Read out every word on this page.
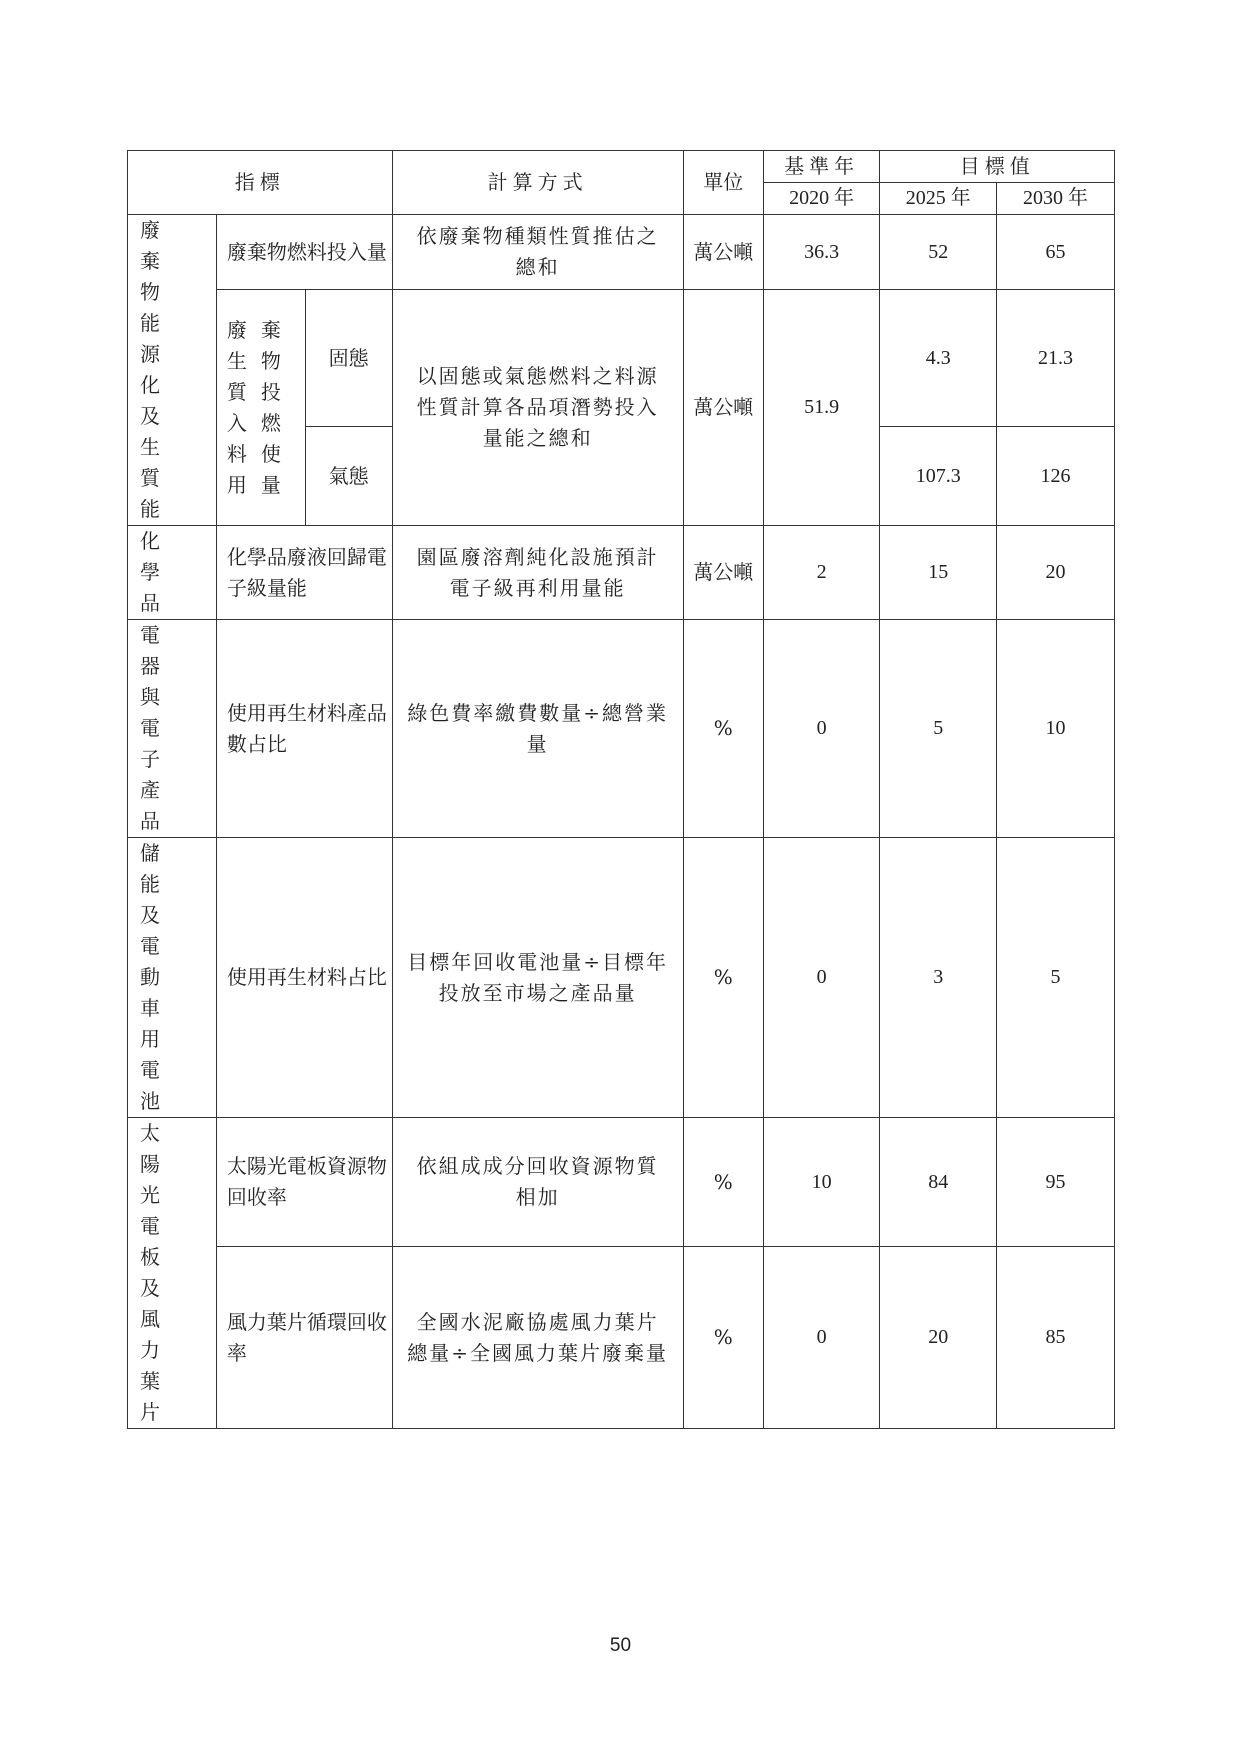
指標			計算方式	單位	基準年	目標值	
					2020 年	2025 年	2030 年
廢棄物能源化及生質能	廢棄物燃料投入量		依廢棄物種類性質推估之總和	萬公噸	36.3	52	65
	廢棄生物質投入燃料使用量	固態	以固態或氣態燃料之料源性質計算各品項潛勢投入量能之總和	萬公噸	51.9	4.3	21.3
		氣態				107.3	126
化學品	化學品廢液回歸電子級量能		園區廢溶劑純化設施預計電子級再利用量能	萬公噸	2	15	20
電器與電子產品	使用再生材料產品數占比		綠色費率繳費數量÷總營業量	%	0	5	10
儲能及電動車用電池	使用再生材料占比		目標年回收電池量÷目標年投放至市場之產品量	%	0	3	5
太陽光電板及風力葉片	太陽光電板資源物回收率		依組成成分回收資源物質相加	%	10	84	95
	風力葉片循環回收率		全國水泥廠協處風力葉片總量÷全國風力葉片廢棄量	%	0	20	85
50
